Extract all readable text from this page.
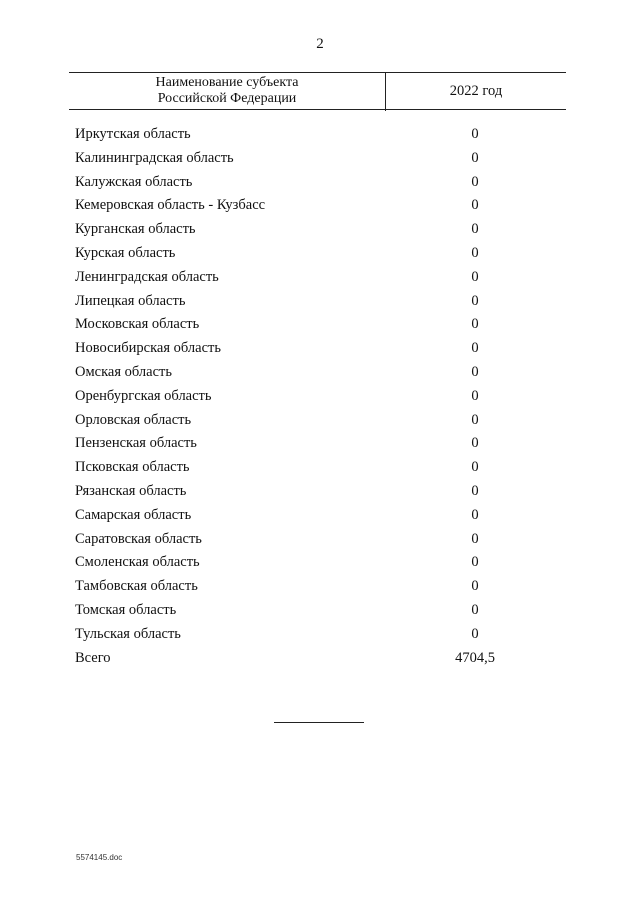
2
Наименование субъекта
Российской Федерации	2022 год
Иркутская область	0
Калининградская область	0
Калужская область	0
Кемеровская область - Кузбасс	0
Курганская область	0
Курская область	0
Ленинградская область	0
Липецкая область	0
Московская область	0
Новосибирская область	0
Омская область	0
Оренбургская область	0
Орловская область	0
Пензенская область	0
Псковская область	0
Рязанская область	0
Самарская область	0
Саратовская область	0
Смоленская область	0
Тамбовская область	0
Томская область	0
Тульская область	0
Всего	4704,5
5574145.doc
